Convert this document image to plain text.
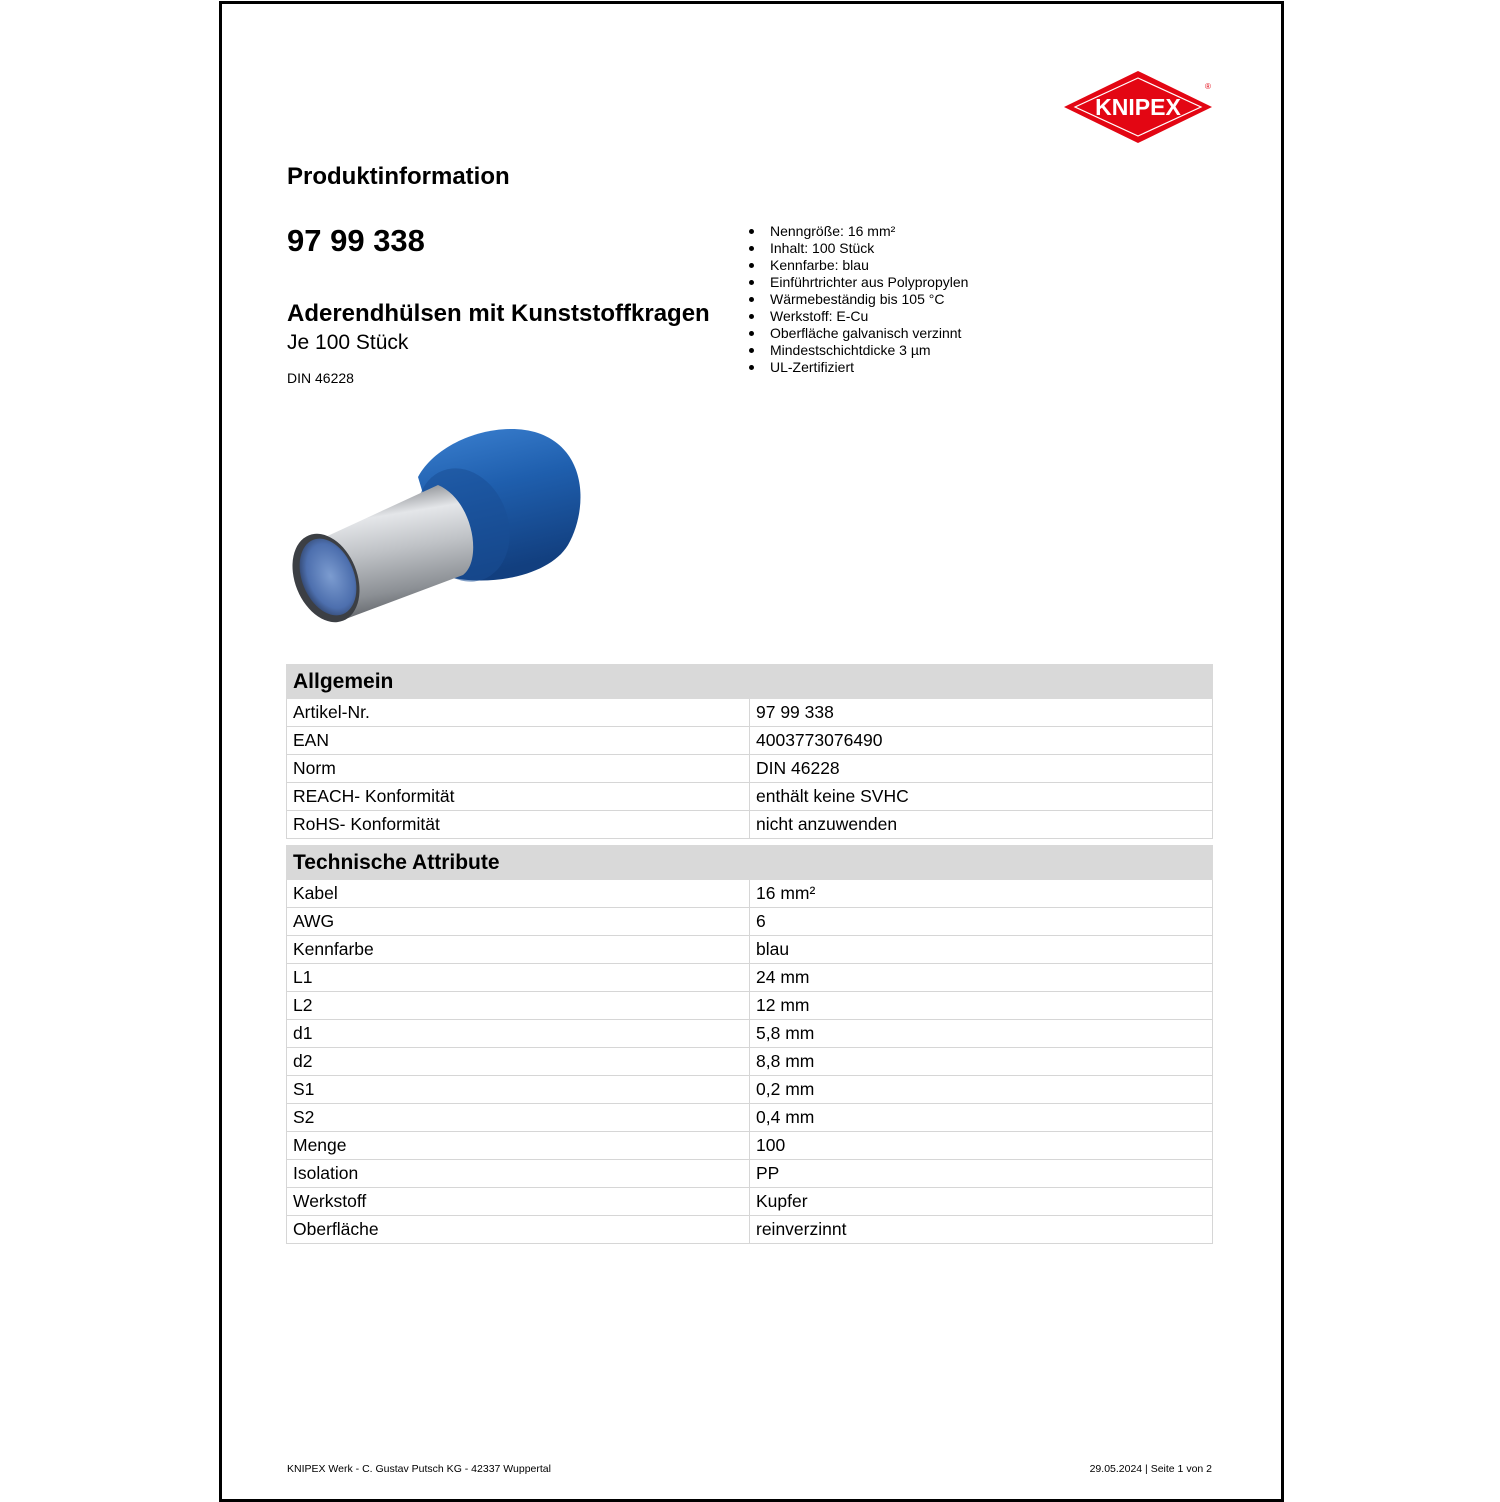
KNIPEX
®
Produktinformation
97 99 338
Aderendhülsen mit Kunststoffkragen
Je 100 Stück
DIN 46228
Nenngröße: 16 mm²
Inhalt: 100 Stück
Kennfarbe: blau
Einführtrichter aus Polypropylen
Wärmebeständig bis 105 °C
Werkstoff: E-Cu
Oberfläche galvanisch verzinnt
Mindestschichtdicke 3 µm
UL-Zertifiziert
Allgemein	
Artikel-Nr.	97 99 338
EAN	4003773076490
Norm	DIN 46228
REACH- Konformität	enthält keine SVHC
RoHS- Konformität	nicht anzuwenden
Technische Attribute	
Kabel	16 mm²
AWG	6
Kennfarbe	blau
L1	24 mm
L2	12 mm
d1	5,8 mm
d2	8,8 mm
S1	0,2 mm
S2	0,4 mm
Menge	100
Isolation	PP
Werkstoff	Kupfer
Oberfläche	reinverzinnt
KNIPEX Werk - C. Gustav Putsch KG - 42337 Wuppertal	29.05.2024 | Seite 1 von 2
